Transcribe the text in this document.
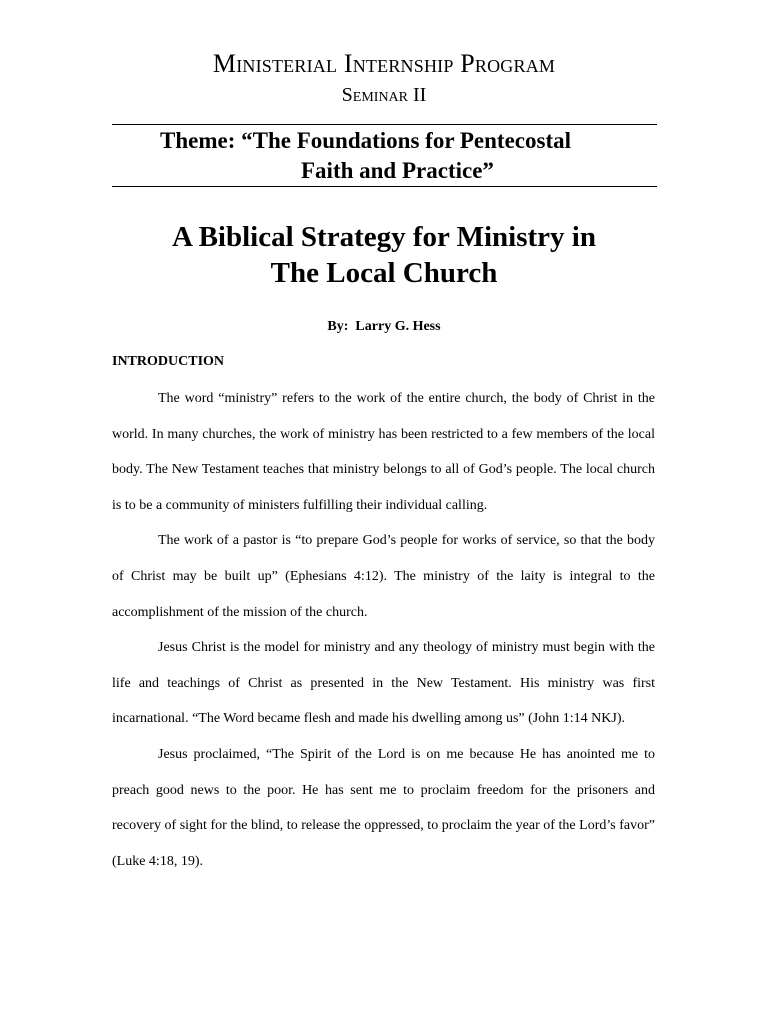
Ministerial Internship Program
Seminar II
Theme: “The Foundations for Pentecostal
Faith and Practice”
A Biblical Strategy for Ministry in
The Local Church
By:  Larry G. Hess
INTRODUCTION

The word “ministry” refers to the work of the entire church, the body of Christ in the world. In many churches, the work of ministry has been restricted to a few members of the local body. The New Testament teaches that ministry belongs to all of God’s people. The local church is to be a community of ministers fulfilling their individual calling.

The work of a pastor is “to prepare God’s people for works of service, so that the body of Christ may be built up” (Ephesians 4:12). The ministry of the laity is integral to the accomplishment of the mission of the church.

Jesus Christ is the model for ministry and any theology of ministry must begin with the life and teachings of Christ as presented in the New Testament. His ministry was first incarnational. “The Word became flesh and made his dwelling among us” (John 1:14 NKJ).

Jesus proclaimed, “The Spirit of the Lord is on me because He has anointed me to preach good news to the poor. He has sent me to proclaim freedom for the prisoners and recovery of sight for the blind, to release the oppressed, to proclaim the year of the Lord’s favor” (Luke 4:18, 19).
